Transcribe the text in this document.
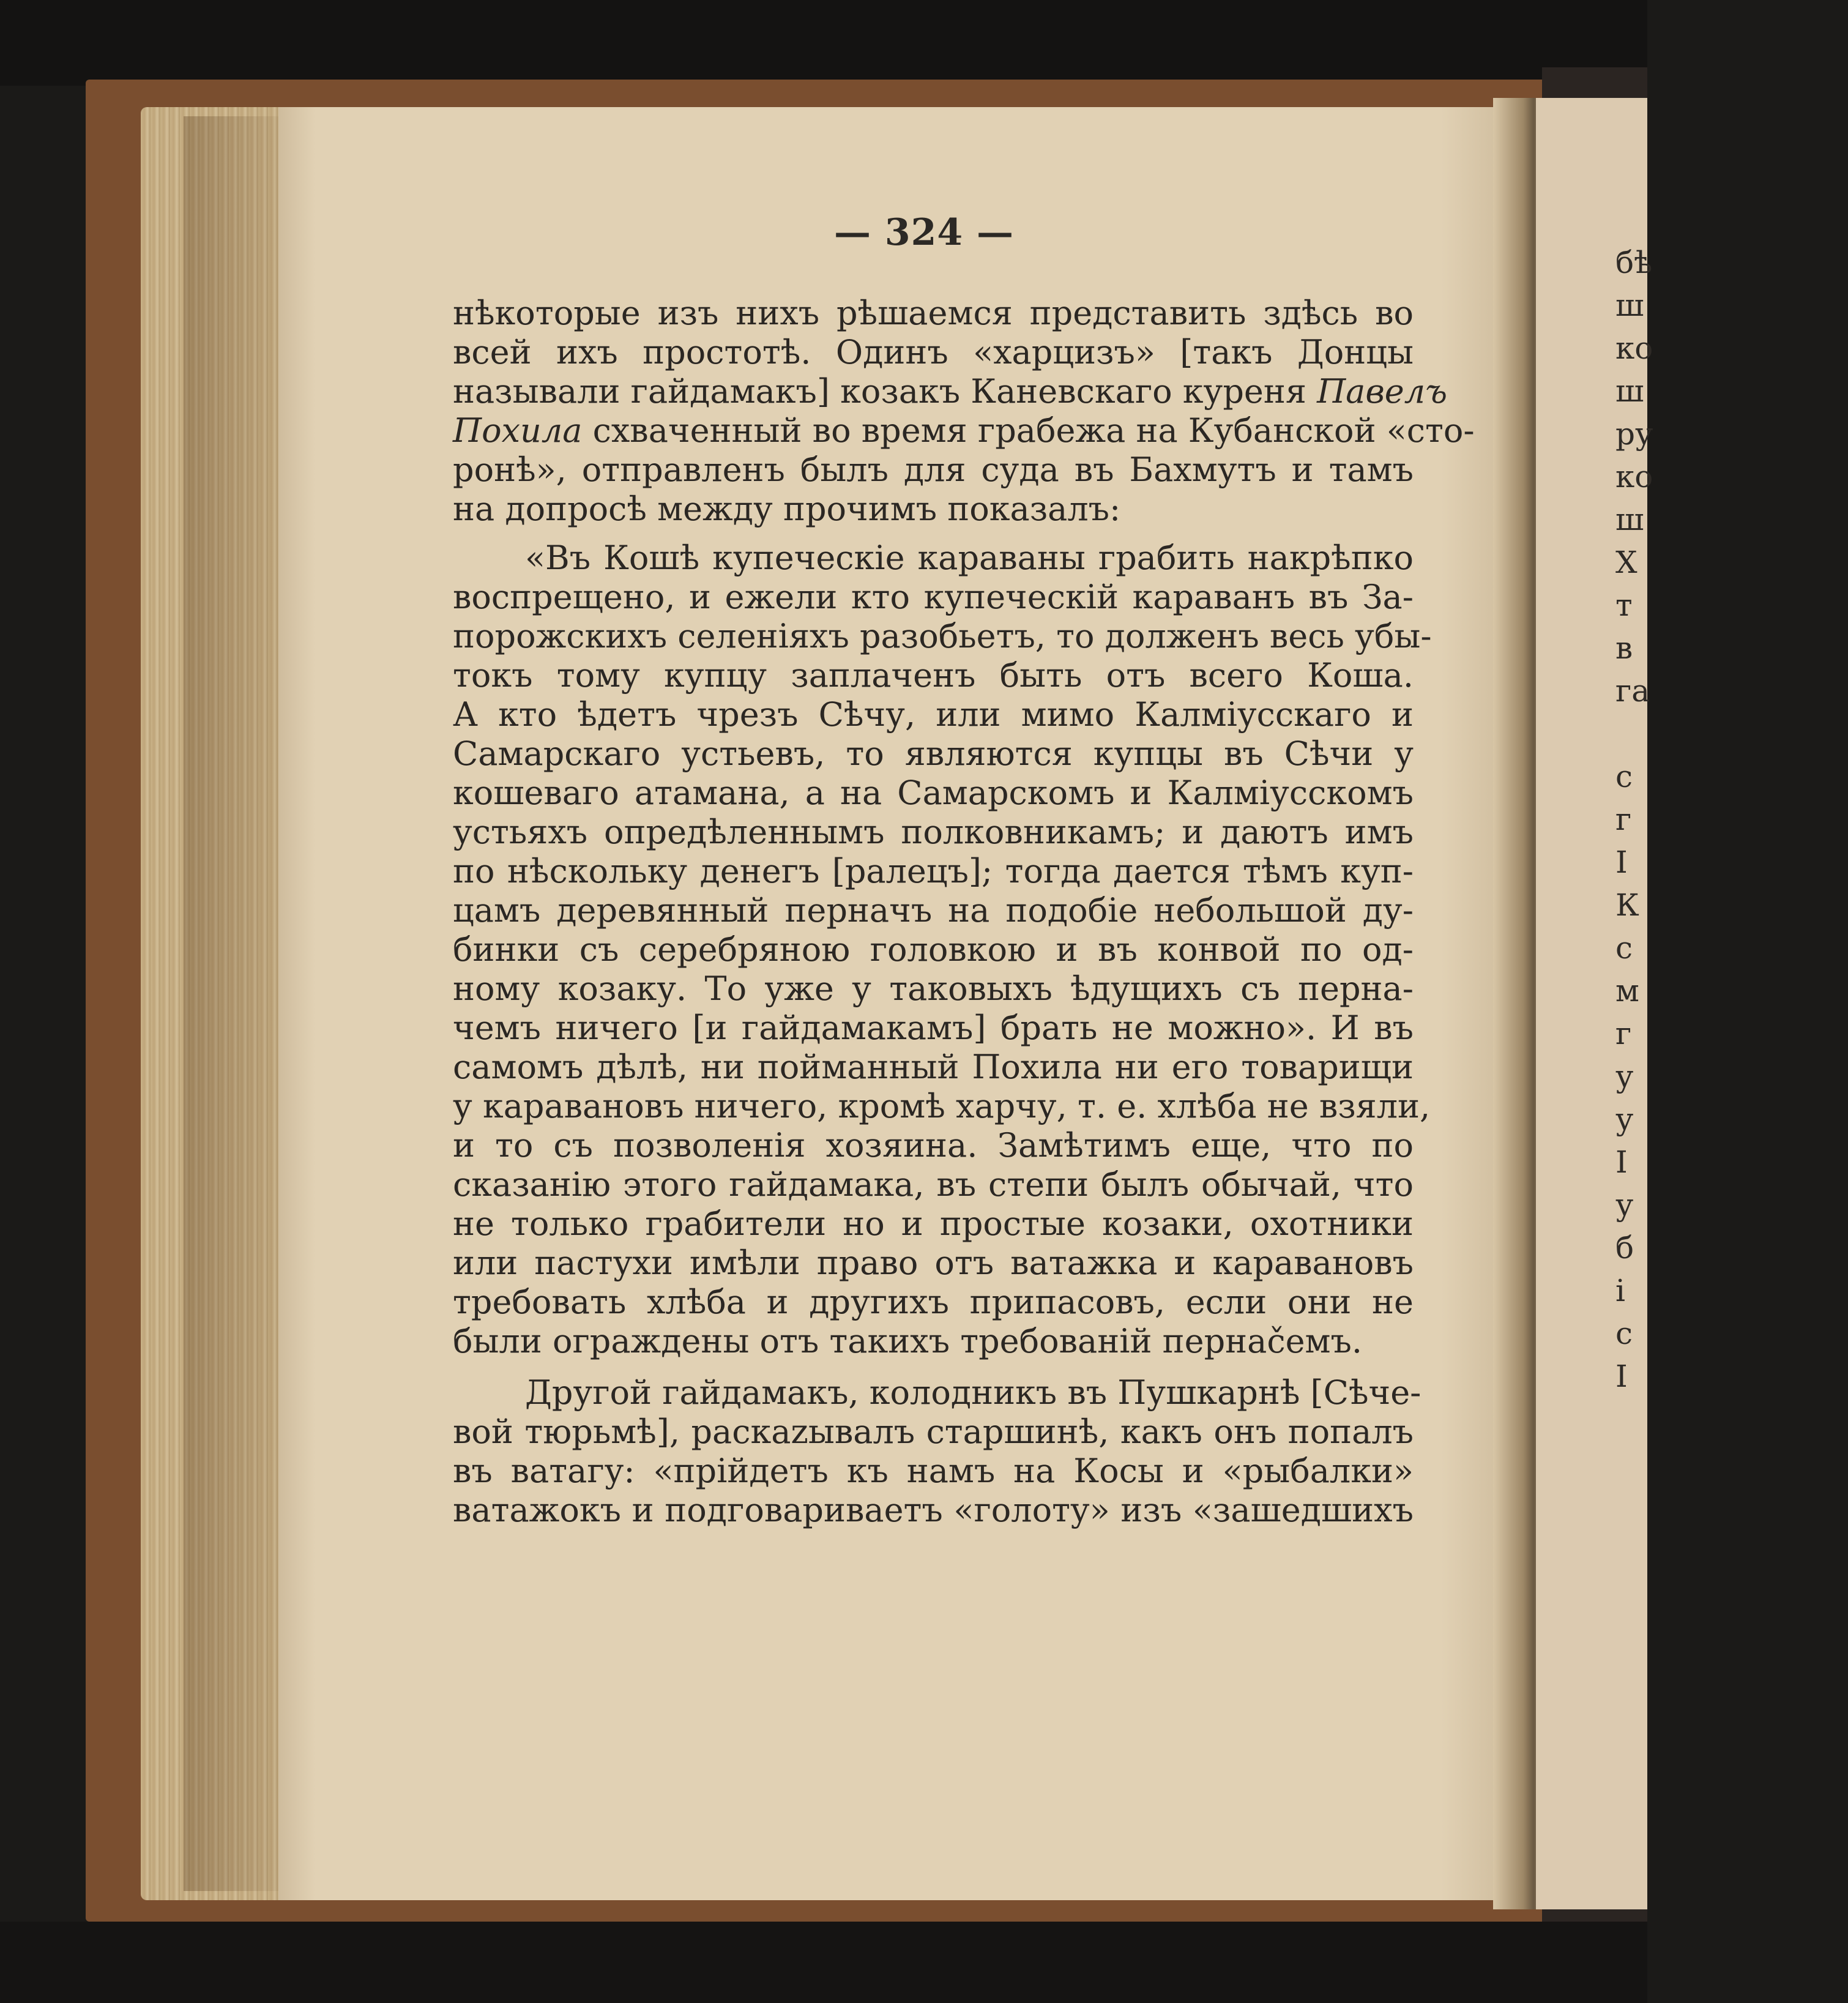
— 324 —
нѣкоторые изъ нихъ рѣшаемся представить здѣсь во
всей ихъ простотѣ. Одинъ «харцизъ» [такъ Донцы
называли гайдамакъ] козакъ Каневскаго куреня Павелъ
Похила схваченный во время грабежа на Кубанской «сто-
ронѣ», отправленъ былъ для суда въ Бахмутъ и тамъ
на допросѣ между прочимъ показалъ:
«Въ Кошѣ купеческіе караваны грабить накрѣпко
воспрещено, и ежели кто купеческій караванъ въ За-
порожскихъ селеніяхъ разобьетъ, то долженъ весь убы-
токъ тому купцу заплаченъ быть отъ всего Коша.
А кто ѣдетъ чрезъ Сѣчу, или мимо Калміусскаго и
Самарскаго устьевъ, то являются купцы въ Сѣчи у
кошеваго атамана, а на Самарскомъ и Калміусскомъ
устьяхъ опредѣленнымъ полковникамъ; и даютъ имъ
по нѣскольку денегъ [ралецъ]; тогда дается тѣмъ куп-
цамъ деревянный перначъ на подобіе небольшой ду-
бинки съ серебряною головкою и въ конвой по од-
ному козаку. То уже у таковыхъ ѣдущихъ съ перна-
чемъ ничего [и гайдамакамъ] брать не можно». И въ
самомъ дѣлѣ, ни пойманный Похила ни его товарищи
у каравановъ ничего, кромѣ харчу, т. е. хлѣба не взяли,
и то съ позволенія хозяина. Замѣтимъ еще, что по
сказанію этого гайдамака, въ степи былъ обычай, что
не только грабители но и простые козаки, охотники
или пастухи имѣли право отъ ватажка и каравановъ
требовать хлѣба и другихъ припасовъ, если они не
были ограждены отъ такихъ требованій пернačемъ.
Другой гайдамакъ, колодникъ въ Пушкарнѣ [Сѣче-
вой тюрьмѣ], раскazывалъ старшинѣ, какъ онъ попалъ
въ ватагу: «прійдетъ къ намъ на Косы и «рыбалки»
ватажокъ и подговариваетъ «голоту» изъ «зашедшихъ
бѣ
ш
ко
ш
ру
ко
ш
Х
т
в
га
с
г
I
К
с
м
г
у
у
I
у
б
і
с
I
